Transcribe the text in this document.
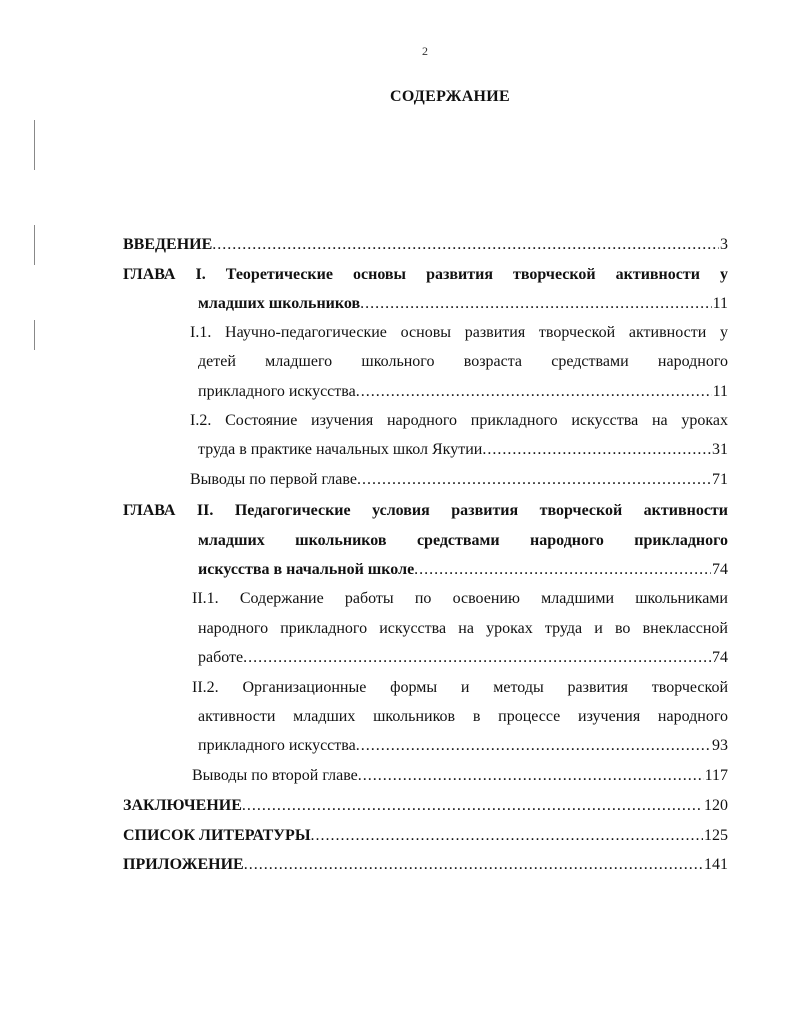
2
СОДЕРЖАНИЕ
ВВЕДЕНИЕ .....	3
ГЛАВА I. Теоретические основы развития творческой активности у
младших школьников .....	11
I.1. Научно-педагогические основы развития творческой активности у
детей младшего школьного возраста средствами народного
прикладного искусства .....	11
I.2. Состояние изучения народного прикладного искусства на уроках
труда в практике начальных школ Якутии .....	31
Выводы по первой главе .....	71
ГЛАВА II. Педагогические условия развития творческой активности
младших школьников средствами народного прикладного
искусства в начальной школе .....	74
II.1. Содержание работы по освоению младшими школьниками
народного прикладного искусства на уроках труда и во внеклассной
работе .....	74
II.2. Организационные формы и методы развития творческой
активности младших школьников в процессе изучения народного
прикладного искусства .....	93
Выводы по второй главе .....	117
ЗАКЛЮЧЕНИЕ .....	120
СПИСОК ЛИТЕРАТУРЫ .....	125
ПРИЛОЖЕНИЕ .....	141
